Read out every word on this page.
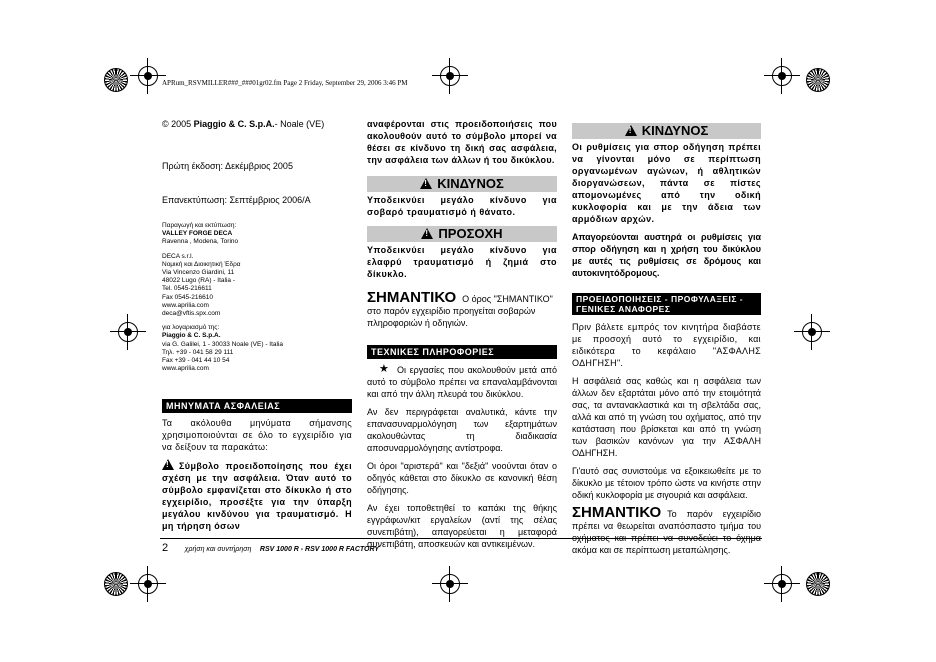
APRum_RSVMILLER###_###01gr02.fm Page 2 Friday, September 29, 2006 3:46 PM

© 2005 Piaggio & C. S.p.A.- Noale (VE)

Πρώτη έκδοση: Δεκέμβριος 2005

Επανεκτύπωση: Σεπτέμβριος 2006/A

Παραγωγή και εκτύπωση:
VALLEY FORGE DECA
Ravenna , Modena, Torino
DECA s.r.l.
Νομική και Διοικητική Έδρα
Via Vincenzo Giardini, 11
48022 Lugo (RA) - Italia -
Tel. 0545-216611
Fax 0545-216610
www.aprilia.com
deca@vftis.spx.com
για λογαριασμό της:
Piaggio & C. S.p.A.
via G. Galilei, 1 - 30033 Noale (VE) - Italia
Τηλ. +39 - 041 58 29 111
Fax +39 - 041 44 10 54
www.aprilia.com
ΜΗΝΥΜΑΤΑ ΑΣΦΑΛΕΙΑΣ

Τα ακόλουθα μηνύματα σήμανσης χρησιμοποιούνται σε όλο το εγχειρίδιο για να δείξουν τα παρακάτω:

!Σύμβολο προειδοποίησης που έχει σχέση με την ασφάλεια. Όταν αυτό το σύμβολο εμφανίζεται στο δίκυκλο ή στο εγχειρίδιο, προσέξτε για την ύπαρξη μεγάλου κινδύνου για τραυματισμό. Η μη τήρηση όσων

αναφέρονται στις προειδοποιήσεις που ακολουθούν αυτό το σύμβολο μπορεί να θέσει σε κίνδυνο τη δική σας ασφάλεια, την ασφάλεια των άλλων ή του δικύκλου.

!ΚΙΝΔΥΝΟΣ

Υποδεικνύει μεγάλο κίνδυνο για σοβαρό τραυματισμό ή θάνατο.

!ΠΡΟΣΟΧΗ

Υποδεικνύει μεγάλο κίνδυνο για ελαφρύ τραυματισμό ή ζημιά στο δίκυκλο.

ΣΗΜΑΝΤΙΚΟ Ο όρος "ΣΗΜΑΝΤΙΚΟ" στο παρόν εγχειρίδιο προηγείται σοβαρών πληροφοριών ή οδηγιών.

ΤΕΧΝΙΚΕΣ ΠΛΗΡΟΦΟΡΙΕΣ

Οι εργασίες που ακολουθούν μετά από αυτό το σύμβολο πρέπει να επαναλαμβάνονται και από την άλλη πλευρά του δικύκλου.

Αν δεν περιγράφεται αναλυτικά, κάντε την επανασυναρμολόγηση των εξαρτημάτων ακολουθώντας τη διαδικασία αποσυναρμολόγησης αντίστροφα.

Οι όροι "αριστερά" και "δεξιά" νοούνται όταν ο οδηγός κάθεται στο δίκυκλο σε κανονική θέση οδήγησης.

Αν έχει τοποθετηθεί το καπάκι της θήκης εγγράφων/κιτ εργαλείων (αντί της σέλας συνεπιβάτη), απαγορεύεται η μεταφορά συνεπιβάτη, αποσκευών και αντικειμένων.

★
!ΚΙΝΔΥΝΟΣ

Οι ρυθμίσεις για σπορ οδήγηση πρέπει να γίνονται μόνο σε περίπτωση οργανωμένων αγώνων, ή αθλητικών διοργανώσεων, πάντα σε πίστες απομονωμένες από την οδική κυκλοφορία και με την άδεια των αρμόδιων αρχών.

Απαγορεύονται αυστηρά οι ρυθμίσεις για σπορ οδήγηση και η χρήση του δικύκλου με αυτές τις ρυθμίσεις σε δρόμους και αυτοκινητόδρομους.

ΠΡΟΕΙΔΟΠΟΙΗΣΕΙΣ - ΠΡΟΦΥΛΑΞΕΙΣ - ΓΕΝΙΚΕΣ ΑΝΑΦΟΡΕΣ

Πριν βάλετε εμπρός τον κινητήρα διαβάστε με προσοχή αυτό το εγχειρίδιο, και ειδικότερα το κεφάλαιο "ΑΣΦΑΛΗΣ ΟΔΗΓΗΣΗ".

Η ασφάλειά σας καθώς και η ασφάλεια των άλλων δεν εξαρτάται μόνο από την ετοιμότητά σας, τα αντανακλαστικά και τη σβελτάδα σας, αλλά και από τη γνώση του οχήματος, από την κατάσταση που βρίσκεται και από τη γνώση των βασικών κανόνων για την ΑΣΦΑΛΗ ΟΔΗΓΗΣΗ.

Γι'αυτό σας συνιστούμε να εξοικειωθείτε με το δίκυκλο με τέτοιον τρόπο ώστε να κινήστε στην οδική κυκλοφορία με σιγουριά και ασφάλεια.

ΣΗΜΑΝΤΙΚΟ Το παρόν εγχειρίδιο πρέπει να θεωρείται αναπόσπαστο τμήμα του οχήματος και πρέπει να συνοδεύει το όχημα ακόμα και σε περίπτωση μεταπώλησης.

2 χρήση και συντήρηση RSV 1000 R - RSV 1000 R FACTORY
